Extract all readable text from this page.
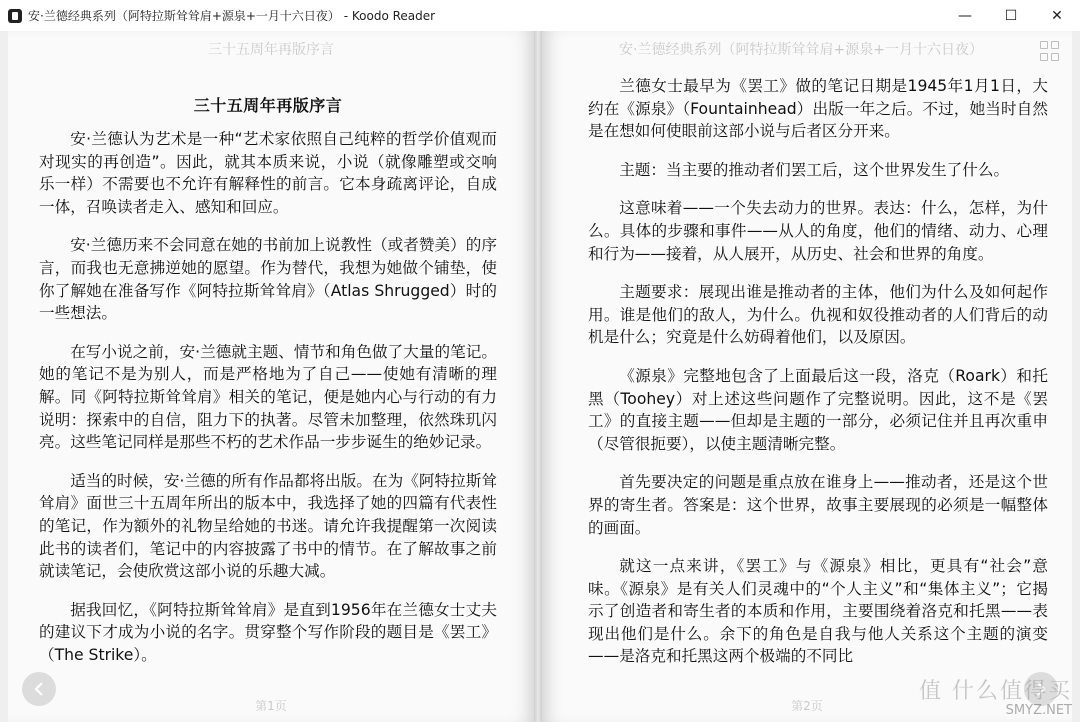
安·兰德经典系列（阿特拉斯耸耸肩+源泉+一月十六日夜） - Koodo Reader	—	☐	✕
三十五周年再版序言
三十五周年再版序言

安·兰德认为艺术是一种“艺术家依照自己纯粹的哲学价值观而对现实的再创造”。因此，就其本质来说，小说（就像雕塑或交响乐一样）不需要也不允许有解释性的前言。它本身疏离评论，自成一体，召唤读者走入、感知和回应。

安·兰德历来不会同意在她的书前加上说教性（或者赞美）的序言，而我也无意拂逆她的愿望。作为替代，我想为她做个铺垫，使你了解她在准备写作《阿特拉斯耸耸肩》（Atlas Shrugged）时的一些想法。

在写小说之前，安·兰德就主题、情节和角色做了大量的笔记。她的笔记不是为别人，而是严格地为了自己——使她有清晰的理解。同《阿特拉斯耸耸肩》相关的笔记，便是她内心与行动的有力说明：探索中的自信，阻力下的执著。尽管未加整理，依然珠玑闪亮。这些笔记同样是那些不朽的艺术作品一步步诞生的绝妙记录。

适当的时候，安·兰德的所有作品都将出版。在为《阿特拉斯耸耸肩》面世三十五周年所出的版本中，我选择了她的四篇有代表性的笔记，作为额外的礼物呈给她的书迷。请允许我提醒第一次阅读此书的读者们，笔记中的内容披露了书中的情节。在了解故事之前就读笔记，会使欣赏这部小说的乐趣大减。

据我回忆，《阿特拉斯耸耸肩》是直到1956年在兰德女士丈夫的建议下才成为小说的名字。贯穿整个写作阶段的题目是《罢工》（The Strike）。

第1页
安·兰德经典系列（阿特拉斯耸耸肩+源泉+一月十六日夜）

兰德女士最早为《罢工》做的笔记日期是1945年1月1日，大约在《源泉》（Fountainhead）出版一年之后。不过，她当时自然是在想如何使眼前这部小说与后者区分开来。

主题：当主要的推动者们罢工后，这个世界发生了什么。

这意味着——一个失去动力的世界。表达：什么，怎样，为什么。具体的步骤和事件——从人的角度，他们的情绪、动力、心理和行为——接着，从人展开，从历史、社会和世界的角度。

主题要求：展现出谁是推动者的主体，他们为什么及如何起作用。谁是他们的敌人，为什么。仇视和奴役推动者的人们背后的动机是什么；究竟是什么妨碍着他们，以及原因。

《源泉》完整地包含了上面最后这一段，洛克（Roark）和托黑（Toohey）对上述这些问题作了完整说明。因此，这不是《罢工》的直接主题——但却是主题的一部分，必须记住并且再次重申（尽管很扼要），以使主题清晰完整。

首先要决定的问题是重点放在谁身上——推动者，还是这个世界的寄生者。答案是：这个世界，故事主要展现的必须是一幅整体的画面。

就这一点来讲，《罢工》与《源泉》相比，更具有“社会”意味。《源泉》是有关人们灵魂中的“个人主义”和“集体主义”；它揭示了创造者和寄生者的本质和作用，主要围绕着洛克和托黑——表现出他们是什么。余下的角色是自我与他人关系这个主题的演变——是洛克和托黑这两个极端的不同比

第2页
值 什么值得买
SMYZ.NET
